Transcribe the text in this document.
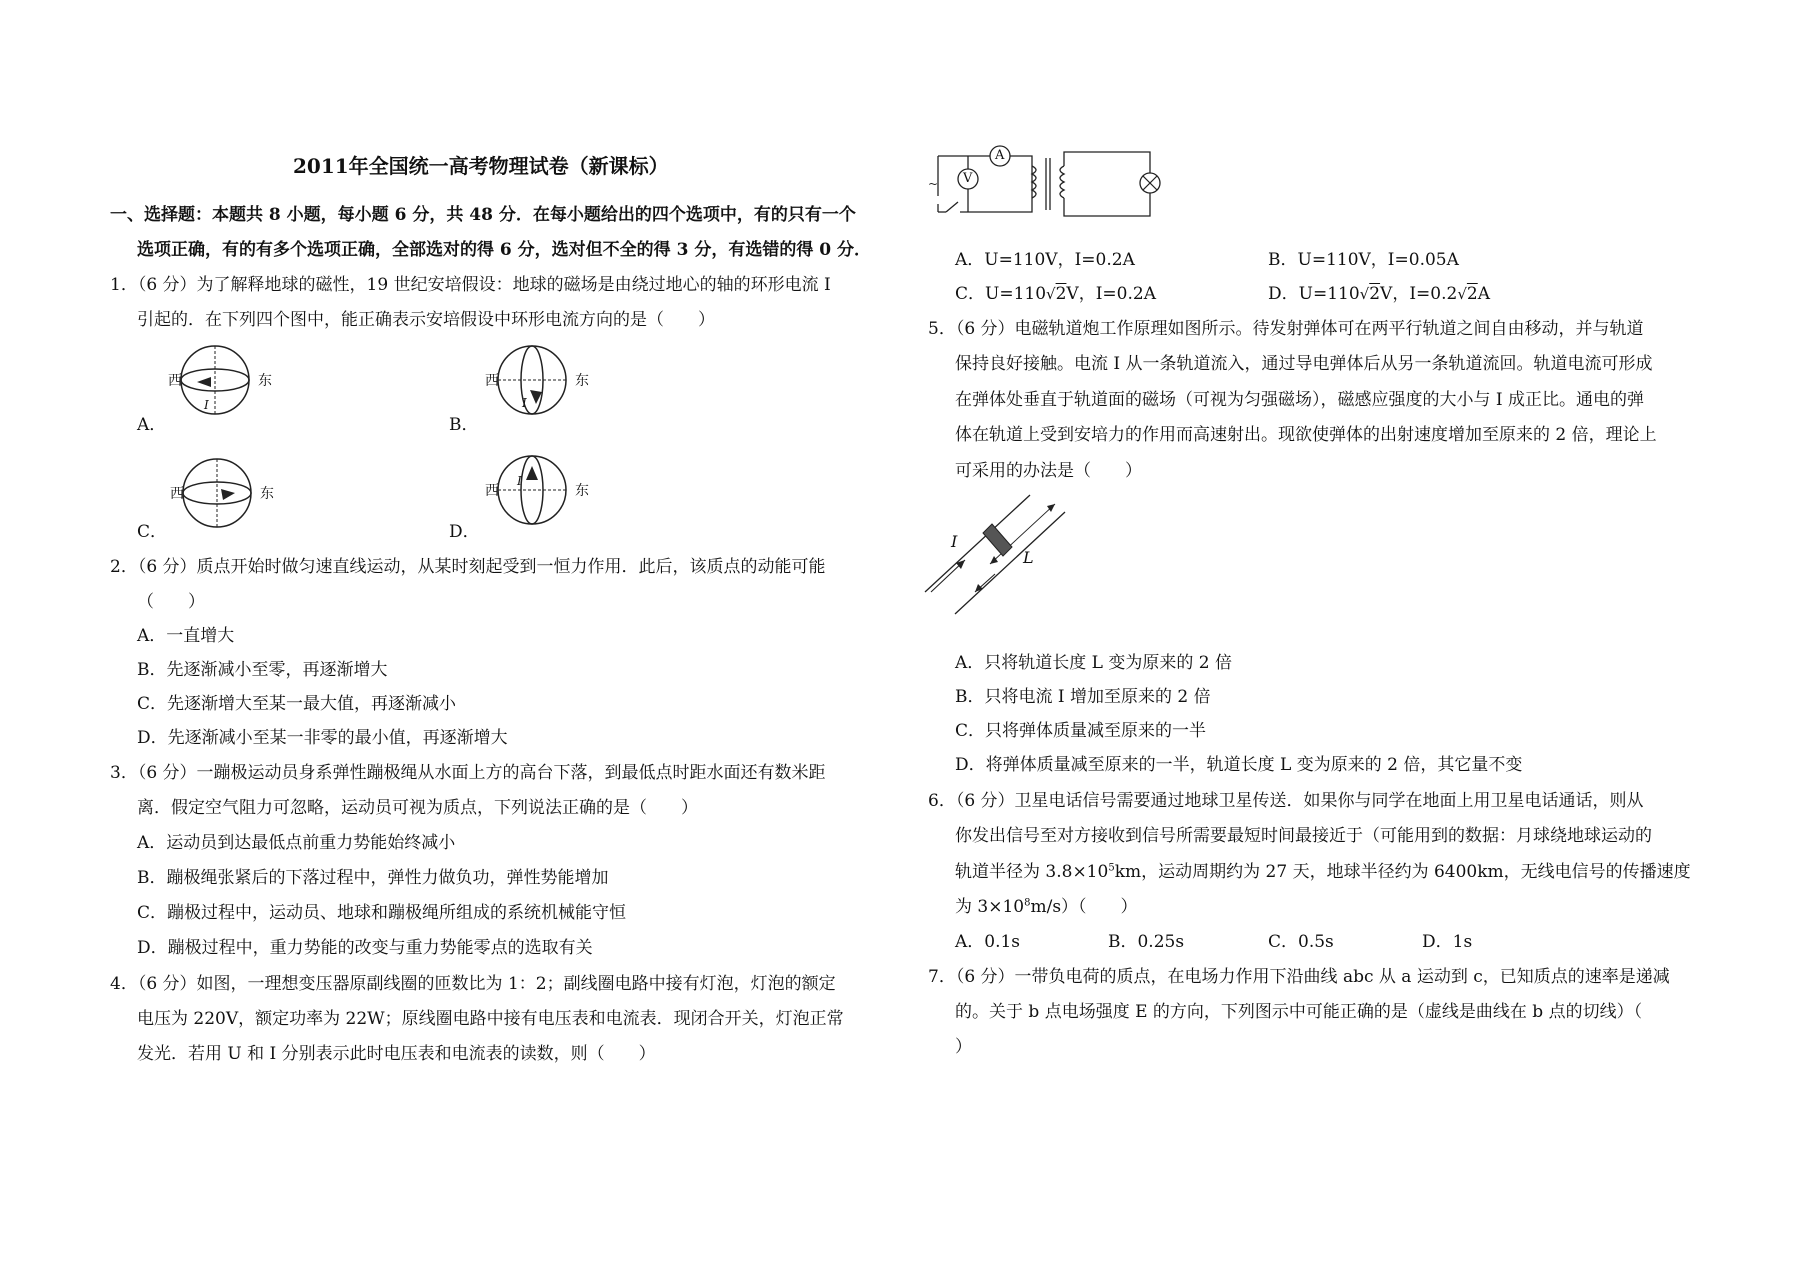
2011年全国统一高考物理试卷（新课标）
一、选择题：本题共 8 小题，每小题 6 分，共 48 分．在每小题给出的四个选项中，有的只有一个
选项正确，有的有多个选项正确，全部选对的得 6 分，选对但不全的得 3 分，有选错的得 0 分．
1．（6 分）为了解释地球的磁性，19 世纪安培假设：地球的磁场是由绕过地心的轴的环形电流 I
引起的．在下列四个图中，能正确表示安培假设中环形电流方向的是（　　）
西	东
I
A．
西	东
I
B．
西	东
C．
西	东
I
D．
2．（6 分）质点开始时做匀速直线运动，从某时刻起受到一恒力作用．此后，该质点的动能可能
（　　）
A．一直增大
B．先逐渐减小至零，再逐渐增大
C．先逐渐增大至某一最大值，再逐渐减小
D．先逐渐减小至某一非零的最小值，再逐渐增大
3．（6 分）一蹦极运动员身系弹性蹦极绳从水面上方的高台下落，到最低点时距水面还有数米距
离．假定空气阻力可忽略，运动员可视为质点，下列说法正确的是（　　）
A．运动员到达最低点前重力势能始终减小
B．蹦极绳张紧后的下落过程中，弹性力做负功，弹性势能增加
C．蹦极过程中，运动员、地球和蹦极绳所组成的系统机械能守恒
D．蹦极过程中，重力势能的改变与重力势能零点的选取有关
4．（6 分）如图，一理想变压器原副线圈的匝数比为 1：2；副线圈电路中接有灯泡，灯泡的额定
电压为 220V，额定功率为 22W；原线圈电路中接有电压表和电流表．现闭合开关，灯泡正常
发光．若用 U 和 I 分别表示此时电压表和电流表的读数，则（　　）
~
A
V
A．U=110V，I=0.2A	B．U=110V，I=0.05A
C．U=110√2V，I=0.2A	D．U=110√2V，I=0.2√2A
5．（6 分）电磁轨道炮工作原理如图所示。待发射弹体可在两平行轨道之间自由移动，并与轨道
保持良好接触。电流 I 从一条轨道流入，通过导电弹体后从另一条轨道流回。轨道电流可形成
在弹体处垂直于轨道面的磁场（可视为匀强磁场），磁感应强度的大小与 I 成正比。通电的弹
体在轨道上受到安培力的作用而高速射出。现欲使弹体的出射速度增加至原来的 2 倍，理论上
可采用的办法是（　　）
I
L
A．只将轨道长度 L 变为原来的 2 倍
B．只将电流 I 增加至原来的 2 倍
C．只将弹体质量减至原来的一半
D．将弹体质量减至原来的一半，轨道长度 L 变为原来的 2 倍，其它量不变
6．（6 分）卫星电话信号需要通过地球卫星传送．如果你与同学在地面上用卫星电话通话，则从
你发出信号至对方接收到信号所需要最短时间最接近于（可能用到的数据：月球绕地球运动的
轨道半径为 $3.8\times 10^5km$，运动周期约为 27 天，地球半径约为 6400km，无线电信号的传播速度
为 $3\times 10^8m/s$）（　　）
A．0.1s	B．0.25s	C．0.5s	D．1s
7．（6 分）一带负电荷的质点，在电场力作用下沿曲线 abc 从 a 运动到 c，已知质点的速率是递减
的。关于 b 点电场强度 E 的方向，下列图示中可能正确的是（虚线是曲线在 b 点的切线）（
）
